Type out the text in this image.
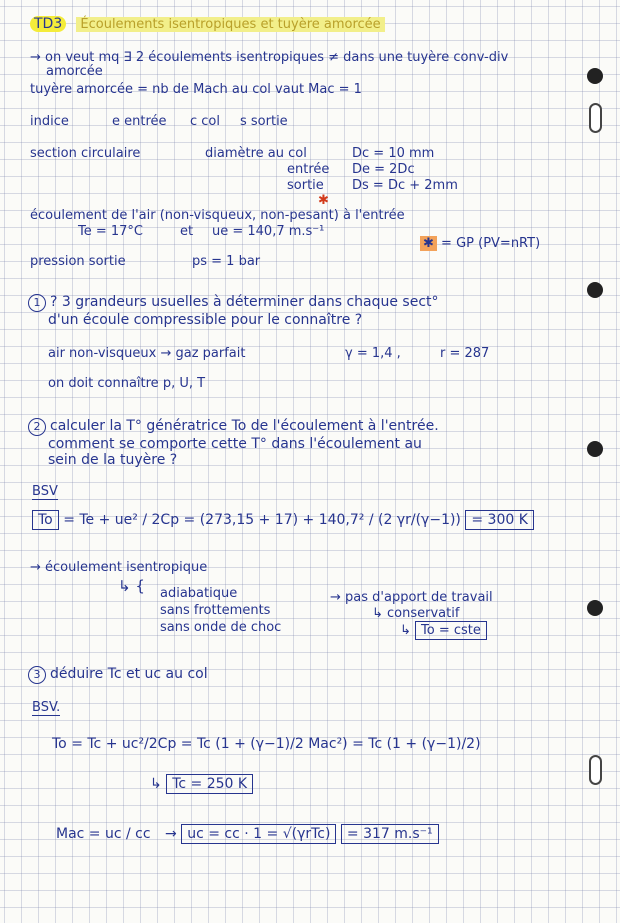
TD3 Écoulements isentropiques et tuyère amorcée
→ on veut mq ∃ 2 écoulements isentropiques ≠ dans une tuyère conv-div
amorcée
tuyère amorcée = nb de Mach au col vaut Mac = 1
indice	e entrée c col s sortie
section circulaire	diamètre au col	Dc = 10 mm
entrée De = 2Dc
sortie Ds = Dc + 2mm
✱
écoulement de l'air (non-visqueux, non-pesant) à l'entrée
Te = 17°C	et ue = 140,7 m.s⁻¹
✱ = GP (PV=nRT)
pression sortie	ps = 1 bar
1 ? 3 grandeurs usuelles à déterminer dans chaque sect°
d'un écoule compressible pour le connaître ?
air non-visqueux → gaz parfait	γ = 1,4 ,	r = 287
on doit connaître p, U, T
2 calculer la T° génératrice To de l'écoulement à l'entrée.
comment se comporte cette T° dans l'écoulement au
sein de la tuyère ?
BSV
To = Te + ue² / 2Cp = (273,15 + 17) + 140,7² / (2 γr/(γ−1)) = 300 K
→ écoulement isentropique
↳ { adiabatique
sans frottements
sans onde de choc
→ pas d'apport de travail
↳ conservatif
↳ To = cste
3 déduire Tc et uc au col
BSV.
To = Tc + uc²/2Cp = Tc (1 + (γ−1)/2 Mac²) = Tc (1 + (γ−1)/2)
↳ Tc = 250 K
Mac = uc / cc → uc = cc · 1 = √(γrTc) = 317 m.s⁻¹
